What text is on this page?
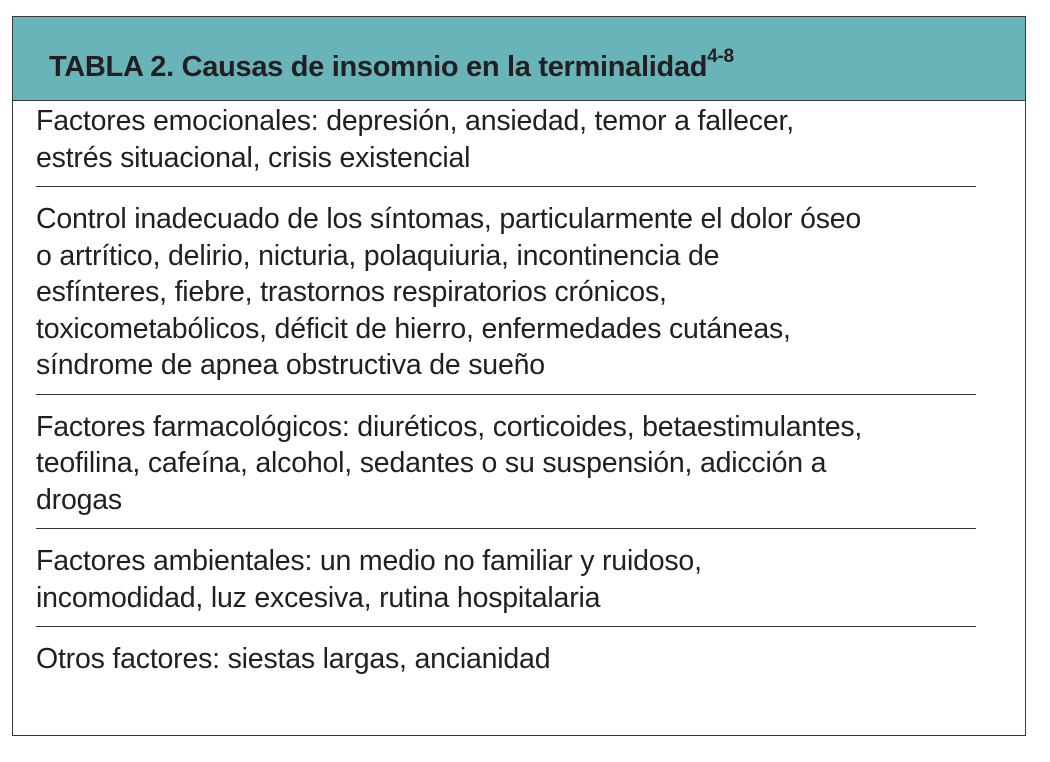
TABLA 2. Causas de insomnio en la terminalidad$^{4-8}$
Factores emocionales: depresión, ansiedad, temor a fallecer,
estrés situacional, crisis existencial
Control inadecuado de los síntomas, particularmente el dolor óseo
o artrítico, delirio, nicturia, polaquiuria, incontinencia de
esfínteres, fiebre, trastornos respiratorios crónicos,
toxicometabólicos, déficit de hierro, enfermedades cutáneas,
síndrome de apnea obstructiva de sueño
Factores farmacológicos: diuréticos, corticoides, betaestimulantes,
teofilina, cafeína, alcohol, sedantes o su suspensión, adicción a
drogas
Factores ambientales: un medio no familiar y ruidoso,
incomodidad, luz excesiva, rutina hospitalaria
Otros factores: siestas largas, ancianidad
